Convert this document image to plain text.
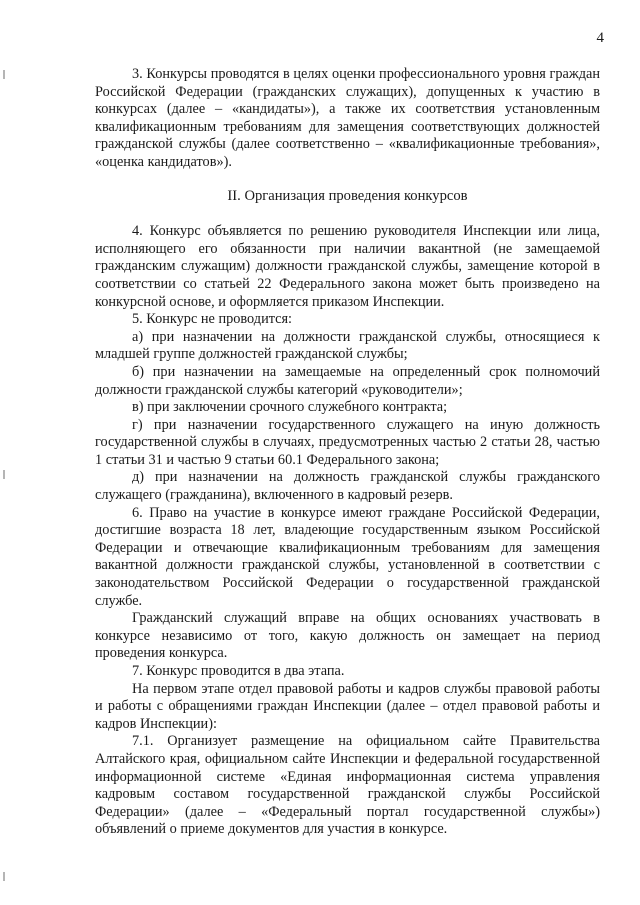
4

3. Конкурсы проводятся в целях оценки профессионального уровня граждан Российской Федерации (гражданских служащих), допущенных к участию в конкурсах (далее – «кандидаты»), а также их соответствия установленным квалификационным требованиям для замещения соответствующих должностей гражданской службы (далее соответственно – «квалификационные требования», «оценка кандидатов»).

II. Организация проведения конкурсов

4. Конкурс объявляется по решению руководителя Инспекции или лица, исполняющего его обязанности при наличии вакантной (не замещаемой гражданским служащим) должности гражданской службы, замещение которой в соответствии со статьей 22 Федерального закона может быть произведено на конкурсной основе, и оформляется приказом Инспекции.

5. Конкурс не проводится:

а) при назначении на должности гражданской службы, относящиеся к младшей группе должностей гражданской службы;

б) при назначении на замещаемые на определенный срок полномочий должности гражданской службы категорий «руководители»;

в) при заключении срочного служебного контракта;

г) при назначении государственного служащего на иную должность государственной службы в случаях, предусмотренных частью 2 статьи 28, частью 1 статьи 31 и частью 9 статьи 60.1 Федерального закона;

д) при назначении на должность гражданской службы гражданского служащего (гражданина), включенного в кадровый резерв.

6. Право на участие в конкурсе имеют граждане Российской Федерации, достигшие возраста 18 лет, владеющие государственным языком Российской Федерации и отвечающие квалификационным требованиям для замещения вакантной должности гражданской службы, установленной в соответствии с законодательством Российской Федерации о государственной гражданской службе.

Гражданский служащий вправе на общих основаниях участвовать в конкурсе независимо от того, какую должность он замещает на период проведения конкурса.

7. Конкурс проводится в два этапа.

На первом этапе отдел правовой работы и кадров службы правовой работы и работы с обращениями граждан Инспекции (далее – отдел правовой работы и кадров Инспекции):

7.1. Организует размещение на официальном сайте Правительства Алтайского края, официальном сайте Инспекции и федеральной государственной информационной системе «Единая информационная система управления кадровым составом государственной гражданской службы Российской Федерации» (далее – «Федеральный портал государственной службы») объявлений о приеме документов для участия в конкурсе.
